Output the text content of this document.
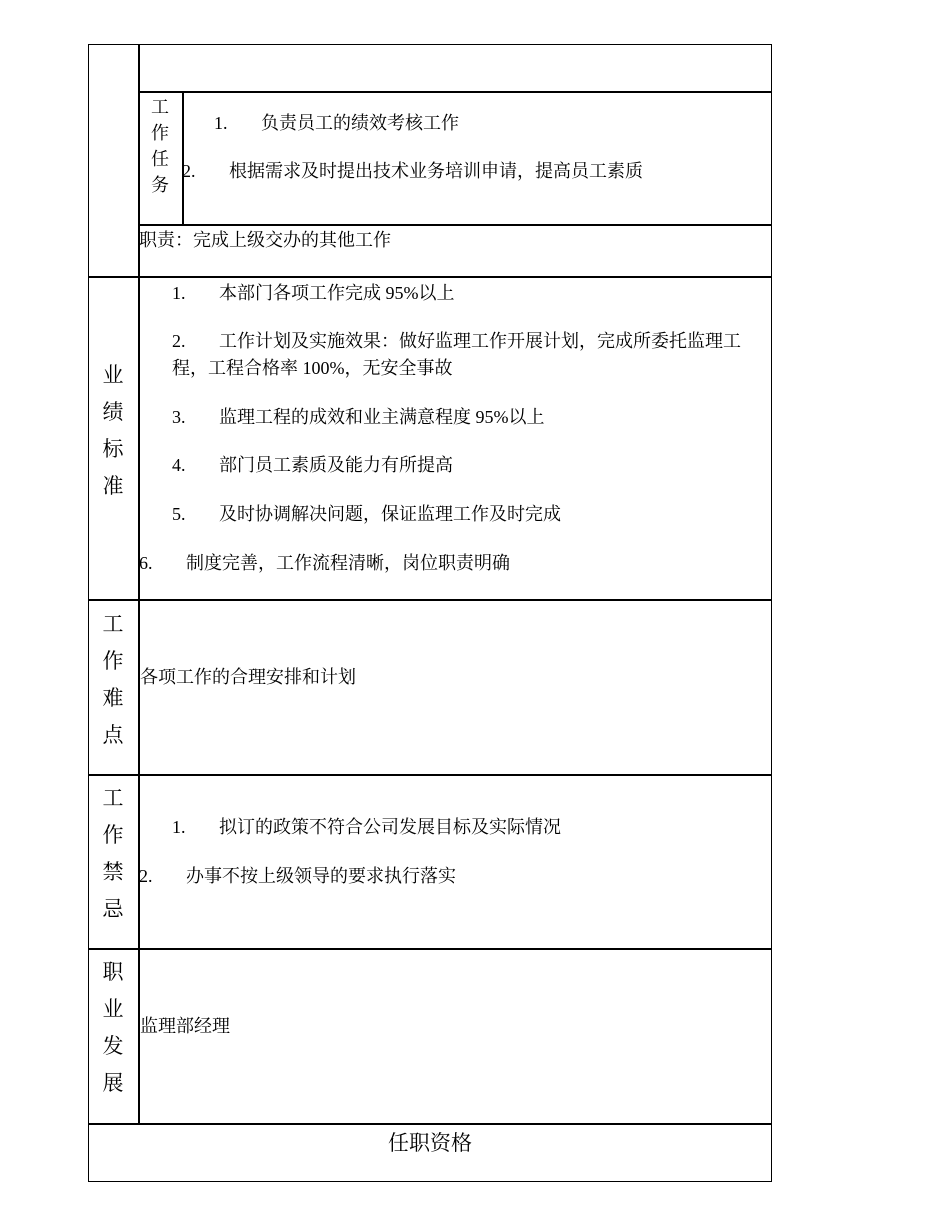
工
作
任
务
1. 负责员工的绩效考核工作
2. 根据需求及时提出技术业务培训申请，提高员工素质
职责：完成上级交办的其他工作
业
绩
标
准
1. 本部门各项工作完成 95%以上
2. 工作计划及实施效果：做好监理工作开展计划，完成所委托监理工
程，工程合格率 100%，无安全事故
3. 监理工程的成效和业主满意程度 95%以上
4. 部门员工素质及能力有所提高
5. 及时协调解决问题，保证监理工作及时完成
6. 制度完善，工作流程清晰，岗位职责明确
工
作
难
点
各项工作的合理安排和计划
工
作
禁
忌
1. 拟订的政策不符合公司发展目标及实际情况
2. 办事不按上级领导的要求执行落实
职
业
发
展
监理部经理
任职资格
